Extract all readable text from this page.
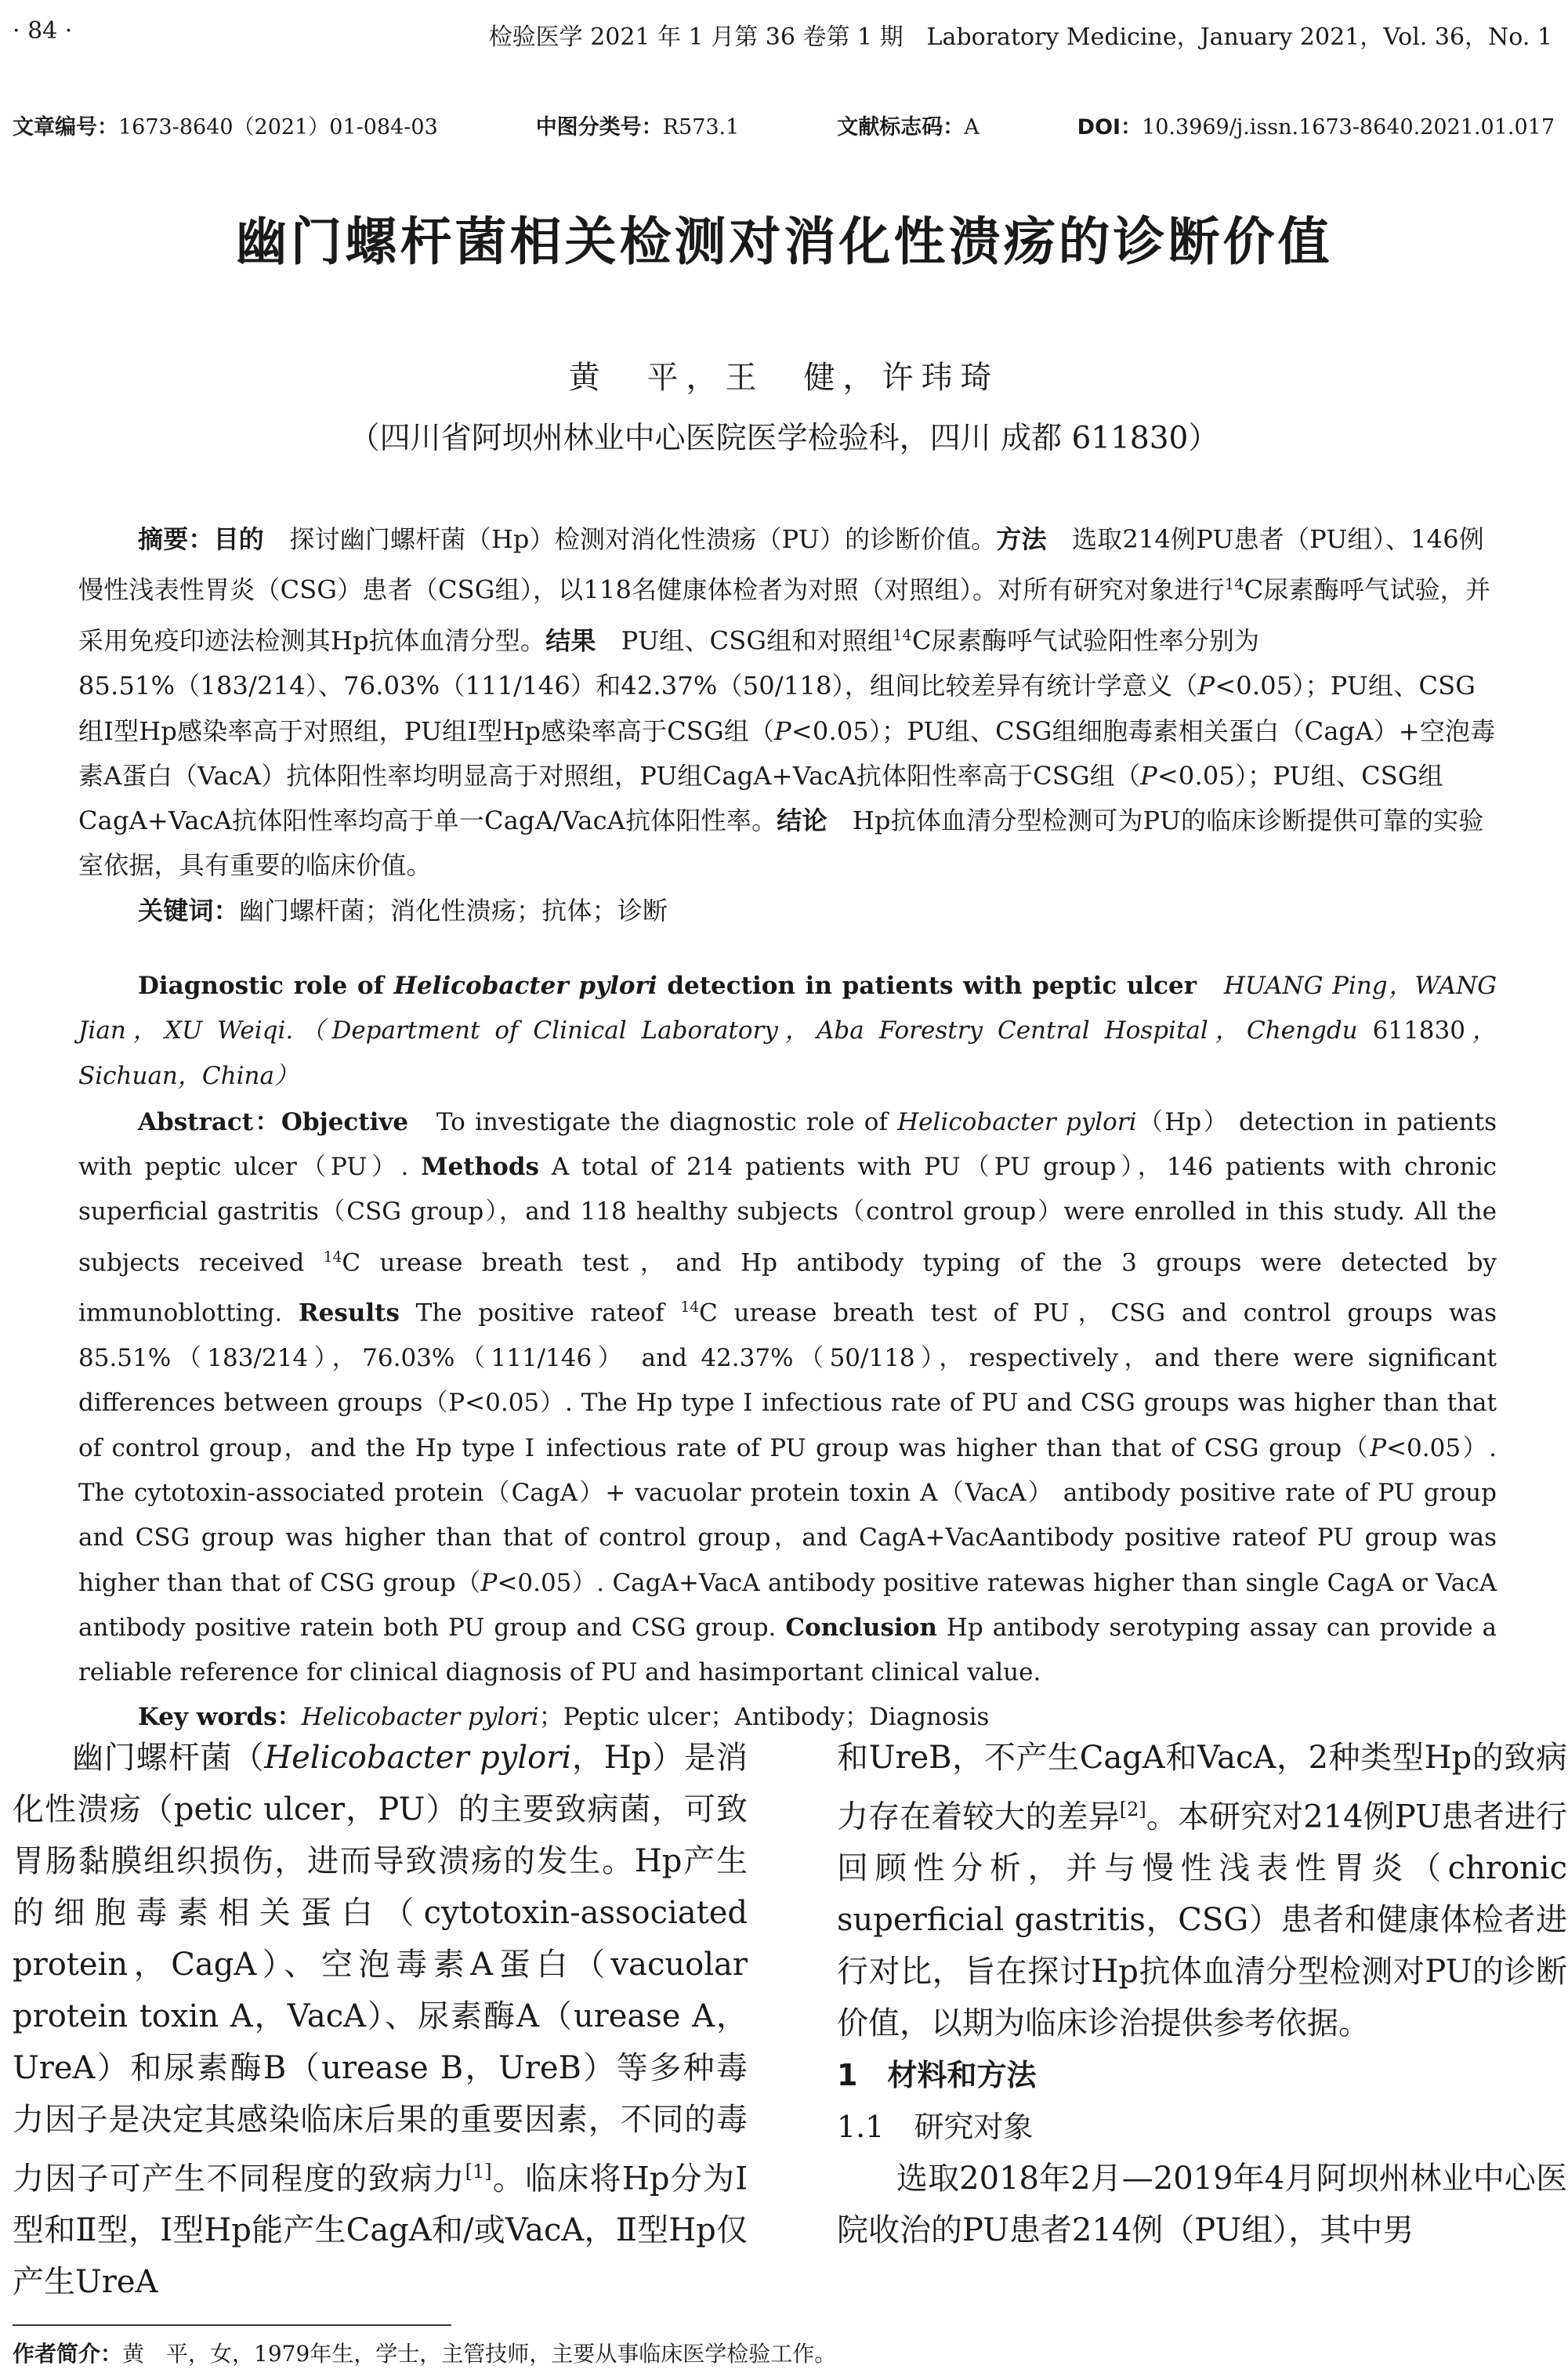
· 84 ·	检验医学 2021 年 1 月第 36 卷第 1 期　Laboratory Medicine，January 2021，Vol. 36，No. 1
文章编号：1673-8640（2021）01-084-03	中图分类号：R573.1	文献标志码：A	DOI：10.3969/j.issn.1673-8640.2021.01.017
幽门螺杆菌相关检测对消化性溃疡的诊断价值
黄　平，王　健，许玮琦
（四川省阿坝州林业中心医院医学检验科，四川 成都 611830）

摘要：目的　探讨幽门螺杆菌（Hp）检测对消化性溃疡（PU）的诊断价值。方法　选取214例PU患者（PU组）、146例慢性浅表性胃炎（CSG）患者（CSG组），以118名健康体检者为对照（对照组）。对所有研究对象进行$^{14}$C尿素酶呼气试验，并采用免疫印迹法检测其Hp抗体血清分型。结果　PU组、CSG组和对照组$^{14}$C尿素酶呼气试验阳性率分别为85.51%（183/214）、76.03%（111/146）和42.37%（50/118），组间比较差异有统计学意义（P<0.05）；PU组、CSG组Ⅰ型Hp感染率高于对照组，PU组Ⅰ型Hp感染率高于CSG组（P<0.05）；PU组、CSG组细胞毒素相关蛋白（CagA）+空泡毒素A蛋白（VacA）抗体阳性率均明显高于对照组，PU组CagA+VacA抗体阳性率高于CSG组（P<0.05）；PU组、CSG组CagA+VacA抗体阳性率均高于单一CagA/VacA抗体阳性率。结论　Hp抗体血清分型检测可为PU的临床诊断提供可靠的实验室依据，具有重要的临床价值。

关键词：幽门螺杆菌；消化性溃疡；抗体；诊断

Diagnostic role of Helicobacter pylori detection in patients with peptic ulcer　HUANG Ping，WANG Jian，XU Weiqi.（Department of Clinical Laboratory，Aba Forestry Central Hospital，Chengdu 611830，Sichuan，China）

Abstract：Objective　To investigate the diagnostic role of Helicobacter pylori（Hp） detection in patients with peptic ulcer（PU）. Methods A total of 214 patients with PU（PU group），146 patients with chronic superficial gastritis（CSG group），and 118 healthy subjects（control group）were enrolled in this study. All the subjects received $^{14}$C urease breath test，and Hp antibody typing of the 3 groups were detected by immunoblotting. Results The positive rateof $^{14}$C urease breath test of PU，CSG and control groups was 85.51%（183/214），76.03%（111/146） and 42.37%（50/118），respectively，and there were significant differences between groups（P<0.05）. The Hp type Ⅰ infectious rate of PU and CSG groups was higher than that of control group，and the Hp type Ⅰ infectious rate of PU group was higher than that of CSG group（P<0.05）. The cytotoxin-associated protein（CagA）+ vacuolar protein toxin A（VacA） antibody positive rate of PU group and CSG group was higher than that of control group，and CagA+VacAantibody positive rateof PU group was higher than that of CSG group（P<0.05）. CagA+VacA antibody positive ratewas higher than single CagA or VacA antibody positive ratein both PU group and CSG group. Conclusion Hp antibody serotyping assay can provide a reliable reference for clinical diagnosis of PU and hasimportant clinical value.

Key words：Helicobacter pylori；Peptic ulcer；Antibody；Diagnosis

幽门螺杆菌（Helicobacter pylori，Hp）是消化性溃疡（petic ulcer，PU）的主要致病菌，可致胃肠黏膜组织损伤，进而导致溃疡的发生。Hp产生的细胞毒素相关蛋白（cytotoxin-associated protein，CagA）、空泡毒素A蛋白（vacuolar protein toxin A，VacA）、尿素酶A（urease A，UreA）和尿素酶B（urease B，UreB）等多种毒力因子是决定其感染临床后果的重要因素，不同的毒力因子可产生不同程度的致病力[1]。临床将Hp分为Ⅰ型和Ⅱ型，Ⅰ型Hp能产生CagA和/或VacA，Ⅱ型Hp仅产生UreA

和UreB，不产生CagA和VacA，2种类型Hp的致病力存在着较大的差异[2]。本研究对214例PU患者进行回顾性分析，并与慢性浅表性胃炎（chronic superficial gastritis，CSG）患者和健康体检者进行对比，旨在探讨Hp抗体血清分型检测对PU的诊断价值，以期为临床诊治提供参考依据。

1　材料和方法

1.1　研究对象

选取2018年2月—2019年4月阿坝州林业中心医院收治的PU患者214例（PU组），其中男

作者简介：黄　平，女，1979年生，学士，主管技师，主要从事临床医学检验工作。
